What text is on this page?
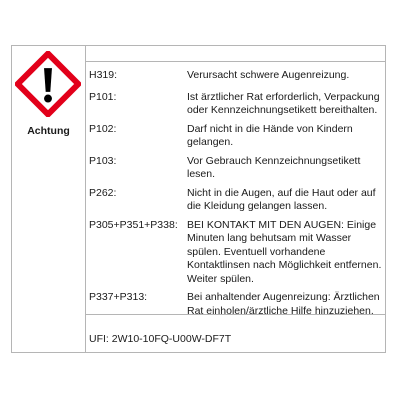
Achtung
H319:	Verursacht schwere Augenreizung.
P101:	Ist ärztlicher Rat erforderlich, Verpackung oder Kennzeichnungsetikett bereithalten.
P102:	Darf nicht in die Hände von Kindern gelangen.
P103:	Vor Gebrauch Kennzeichnungsetikett lesen.
P262:	Nicht in die Augen, auf die Haut oder auf die Kleidung gelangen lassen.
P305+P351+P338: BEI KONTAKT MIT DEN AUGEN: Einige Minuten lang behutsam mit Wasser spülen. Eventuell vorhandene Kontaktlinsen nach Möglichkeit entfernen. Weiter spülen.
P337+P313:	Bei anhaltender Augenreizung: Ärztlichen Rat einholen/ärztliche Hilfe hinzuziehen.
UFI: 2W10-10FQ-U00W-DF7T
